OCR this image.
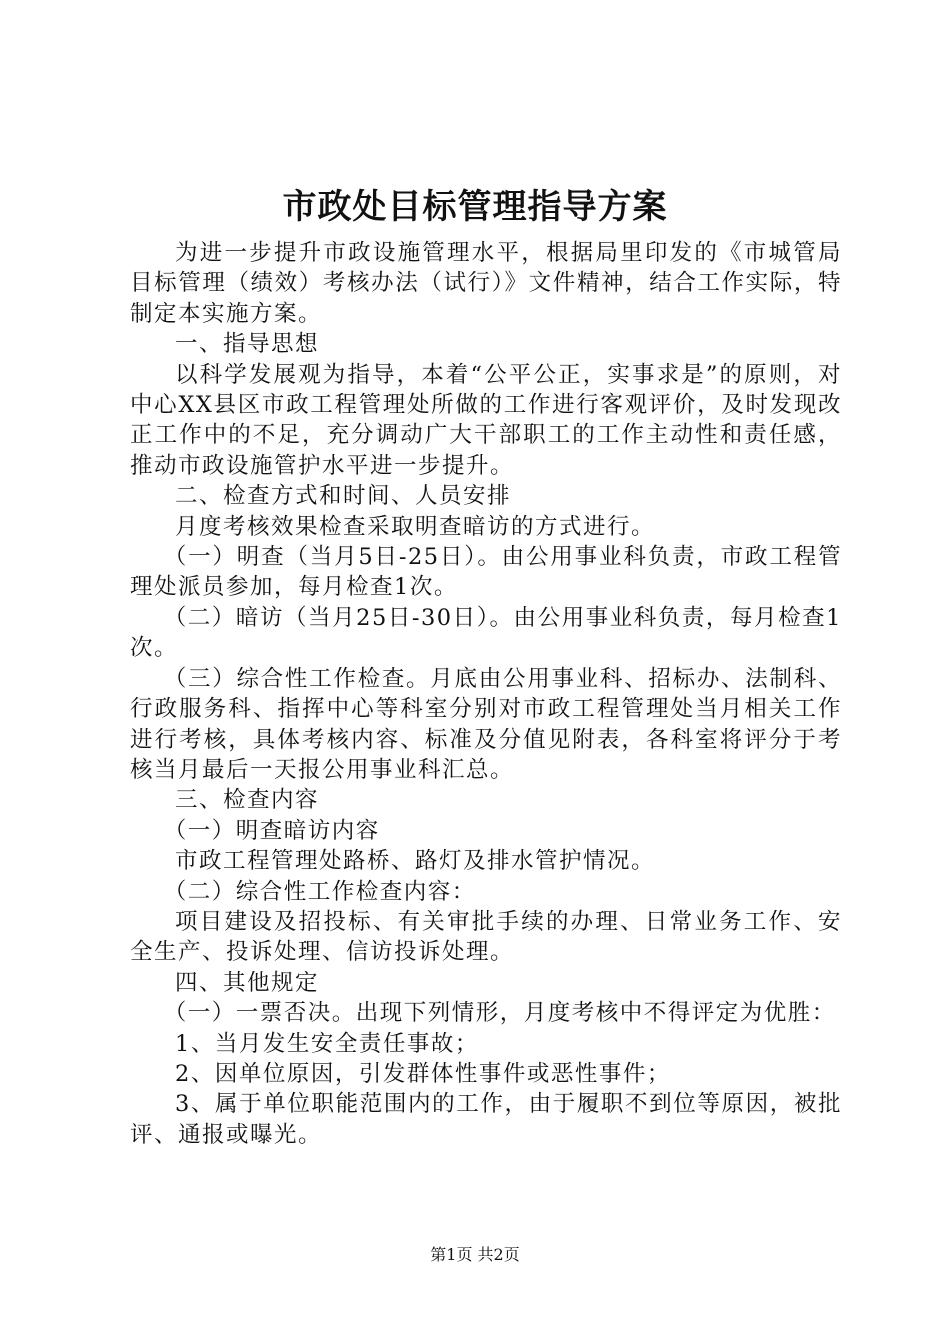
市政处目标管理指导方案

为进一步提升市政设施管理水平，根据局里印发的《市城管局目标管理（绩效）考核办法（试行）》文件精神，结合工作实际，特制定本实施方案。

一、指导思想

以科学发展观为指导，本着“公平公正，实事求是”的原则，对中心XX县区市政工程管理处所做的工作进行客观评价，及时发现改正工作中的不足，充分调动广大干部职工的工作主动性和责任感，推动市政设施管护水平进一步提升。

二、检查方式和时间、人员安排

月度考核效果检查采取明查暗访的方式进行。

（一）明查（当月5日-25日）。由公用事业科负责，市政工程管理处派员参加，每月检查1次。

（二）暗访（当月25日-30日）。由公用事业科负责，每月检查1次。

（三）综合性工作检查。月底由公用事业科、招标办、法制科、行政服务科、指挥中心等科室分别对市政工程管理处当月相关工作进行考核，具体考核内容、标准及分值见附表，各科室将评分于考核当月最后一天报公用事业科汇总。

三、检查内容

（一）明查暗访内容

市政工程管理处路桥、路灯及排水管护情况。

（二）综合性工作检查内容：

项目建设及招投标、有关审批手续的办理、日常业务工作、安全生产、投诉处理、信访投诉处理。

四、其他规定

（一）一票否决。出现下列情形，月度考核中不得评定为优胜：

1、当月发生安全责任事故；

2、因单位原因，引发群体性事件或恶性事件；

3、属于单位职能范围内的工作，由于履职不到位等原因，被批评、通报或曝光。

第1页 共2页
